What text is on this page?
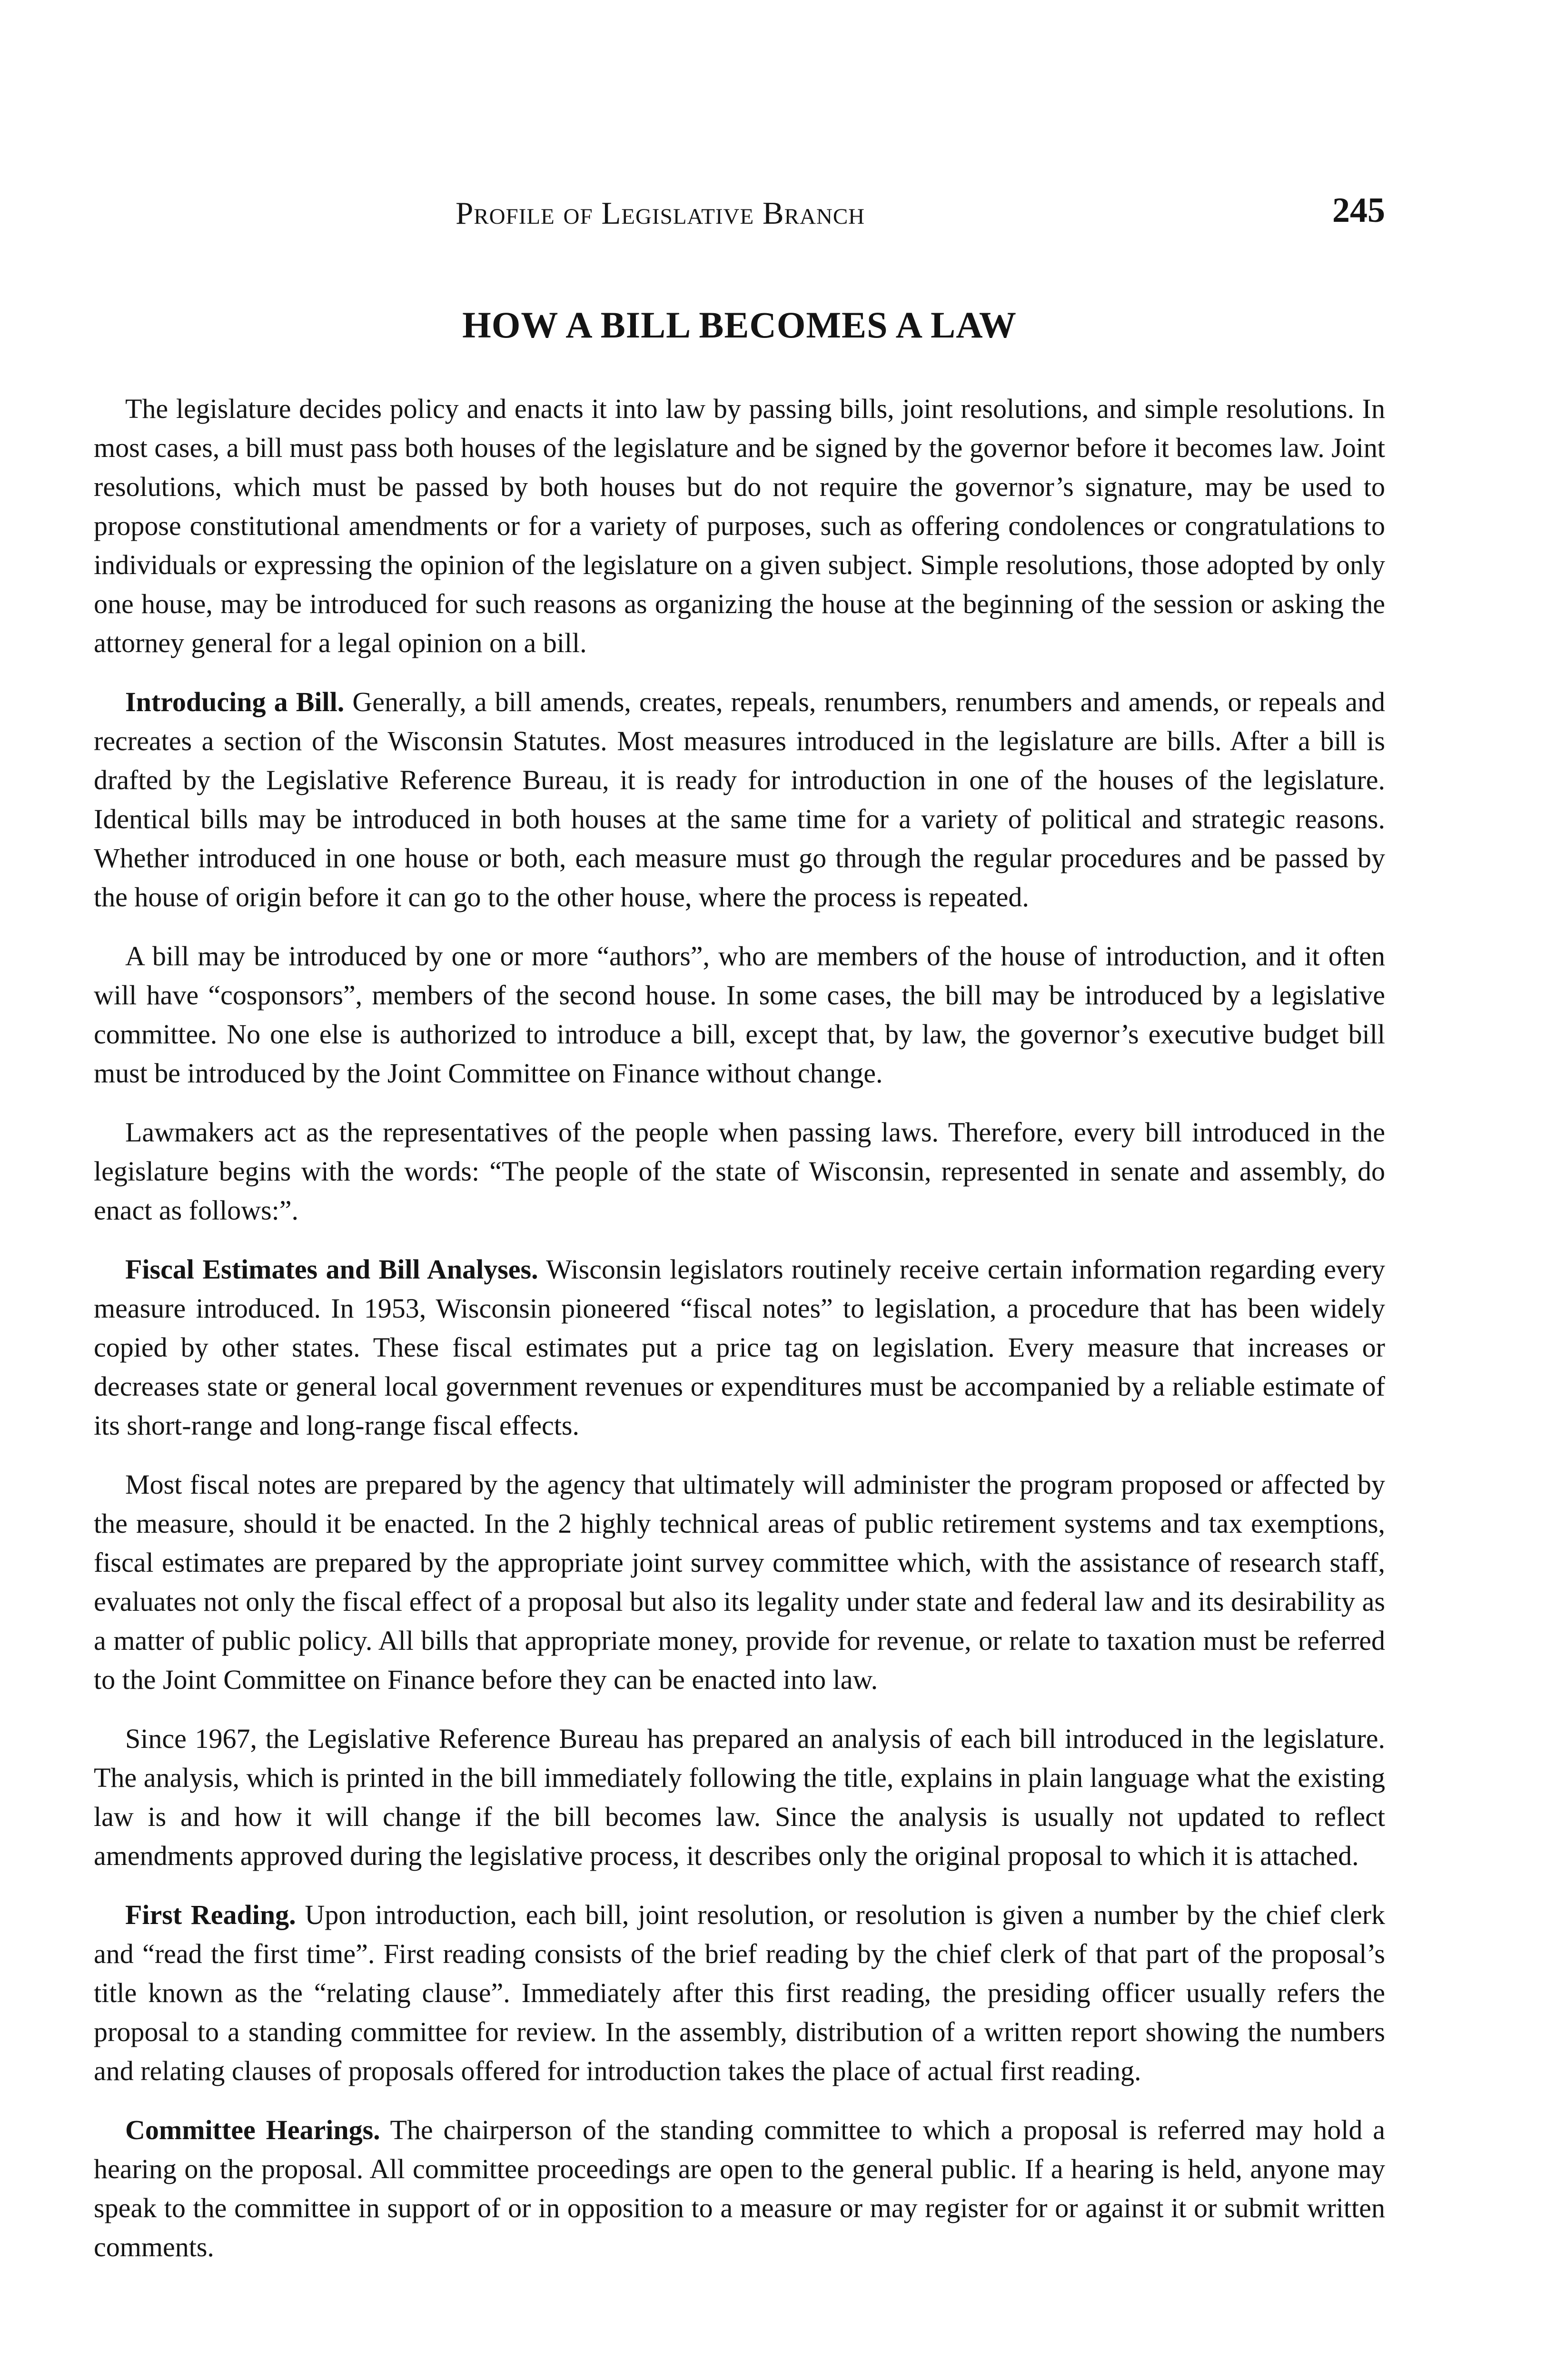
Profile of Legislative Branch	245
HOW A BILL BECOMES A LAW

The legislature decides policy and enacts it into law by passing bills, joint resolutions, and simple resolutions. In most cases, a bill must pass both houses of the legislature and be signed by the governor before it becomes law. Joint resolutions, which must be passed by both houses but do not require the governor’s signature, may be used to propose constitutional amendments or for a variety of purposes, such as offering condolences or congratulations to individuals or expressing the opinion of the legislature on a given subject. Simple resolutions, those adopted by only one house, may be introduced for such reasons as organizing the house at the beginning of the session or asking the attorney general for a legal opinion on a bill.

Introducing a Bill. Generally, a bill amends, creates, repeals, renumbers, renumbers and amends, or repeals and recreates a section of the Wisconsin Statutes. Most measures introduced in the legislature are bills. After a bill is drafted by the Legislative Reference Bureau, it is ready for introduction in one of the houses of the legislature. Identical bills may be introduced in both houses at the same time for a variety of political and strategic reasons. Whether introduced in one house or both, each measure must go through the regular procedures and be passed by the house of origin before it can go to the other house, where the process is repeated.

A bill may be introduced by one or more “authors”, who are members of the house of introduction, and it often will have “cosponsors”, members of the second house. In some cases, the bill may be introduced by a legislative committee. No one else is authorized to introduce a bill, except that, by law, the governor’s executive budget bill must be introduced by the Joint Committee on Finance without change.

Lawmakers act as the representatives of the people when passing laws. Therefore, every bill introduced in the legislature begins with the words: “The people of the state of Wisconsin, represented in senate and assembly, do enact as follows:”.

Fiscal Estimates and Bill Analyses. Wisconsin legislators routinely receive certain information regarding every measure introduced. In 1953, Wisconsin pioneered “fiscal notes” to legislation, a procedure that has been widely copied by other states. These fiscal estimates put a price tag on legislation. Every measure that increases or decreases state or general local government revenues or expenditures must be accompanied by a reliable estimate of its short-range and long-range fiscal effects.

Most fiscal notes are prepared by the agency that ultimately will administer the program proposed or affected by the measure, should it be enacted. In the 2 highly technical areas of public retirement systems and tax exemptions, fiscal estimates are prepared by the appropriate joint survey committee which, with the assistance of research staff, evaluates not only the fiscal effect of a proposal but also its legality under state and federal law and its desirability as a matter of public policy. All bills that appropriate money, provide for revenue, or relate to taxation must be referred to the Joint Committee on Finance before they can be enacted into law.

Since 1967, the Legislative Reference Bureau has prepared an analysis of each bill introduced in the legislature. The analysis, which is printed in the bill immediately following the title, explains in plain language what the existing law is and how it will change if the bill becomes law. Since the analysis is usually not updated to reflect amendments approved during the legislative process, it describes only the original proposal to which it is attached.

First Reading. Upon introduction, each bill, joint resolution, or resolution is given a number by the chief clerk and “read the first time”. First reading consists of the brief reading by the chief clerk of that part of the proposal’s title known as the “relating clause”. Immediately after this first reading, the presiding officer usually refers the proposal to a standing committee for review. In the assembly, distribution of a written report showing the numbers and relating clauses of proposals offered for introduction takes the place of actual first reading.

Committee Hearings. The chairperson of the standing committee to which a proposal is referred may hold a hearing on the proposal. All committee proceedings are open to the general public. If a hearing is held, anyone may speak to the committee in support of or in opposition to a measure or may register for or against it or submit written comments.
